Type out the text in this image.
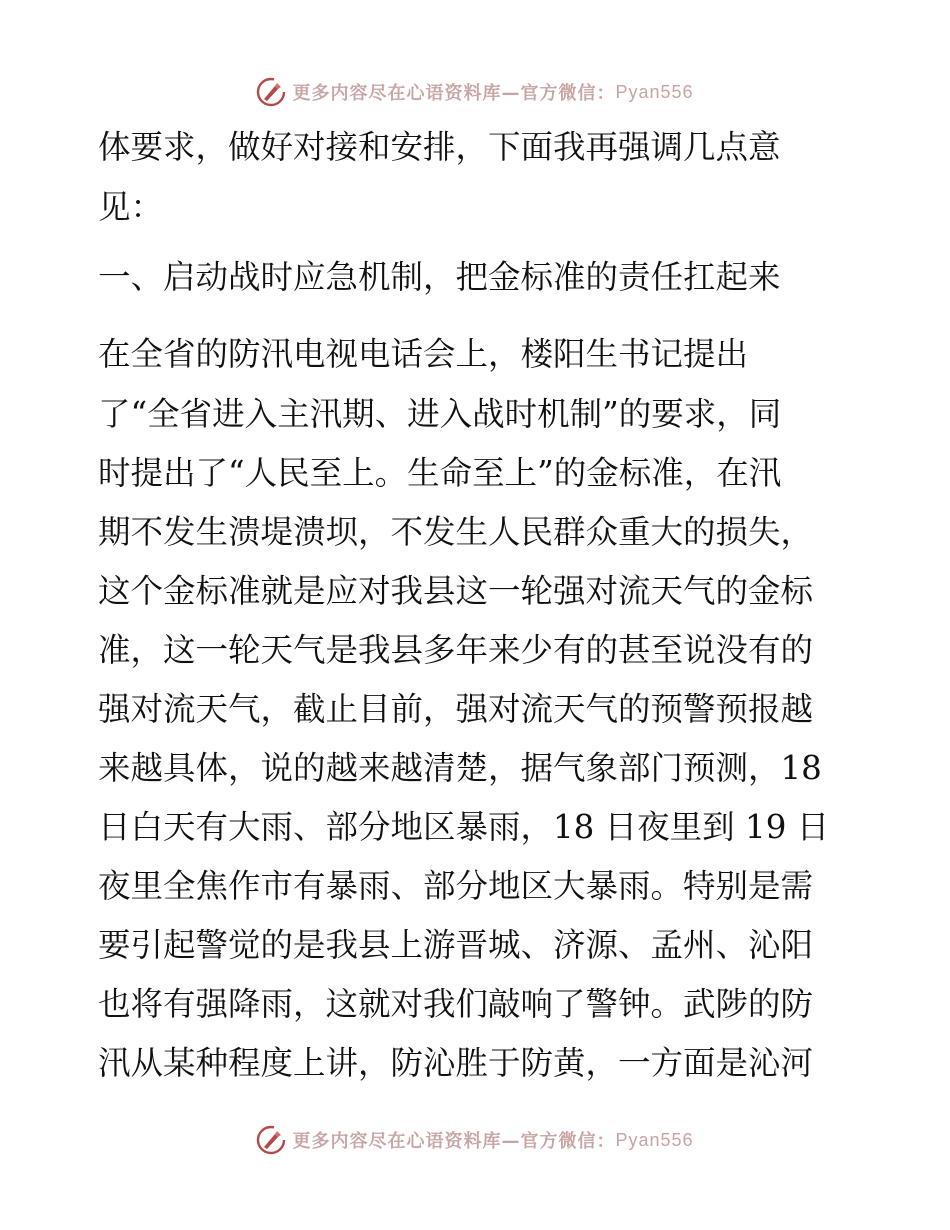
更多内容尽在心语资料库—官方微信： Pyan556
体要求，做好对接和安排，下面我再强调几点意
见：
一、启动战时应急机制，把金标准的责任扛起来
在全省的防汛电视电话会上，楼阳生书记提出
了“全省进入主汛期、进入战时机制”的要求，同
时提出了“人民至上。生命至上”的金标准，在汛
期不发生溃堤溃坝，不发生人民群众重大的损失，
这个金标准就是应对我县这一轮强对流天气的金标
准，这一轮天气是我县多年来少有的甚至说没有的
强对流天气，截止目前，强对流天气的预警预报越
来越具体，说的越来越清楚，据气象部门预测，18
日白天有大雨、部分地区暴雨，18 日夜里到 19 日
夜里全焦作市有暴雨、部分地区大暴雨。特别是需
要引起警觉的是我县上游晋城、济源、孟州、沁阳
也将有强降雨，这就对我们敲响了警钟。武陟的防
汛从某种程度上讲，防沁胜于防黄，一方面是沁河
更多内容尽在心语资料库—官方微信： Pyan556
